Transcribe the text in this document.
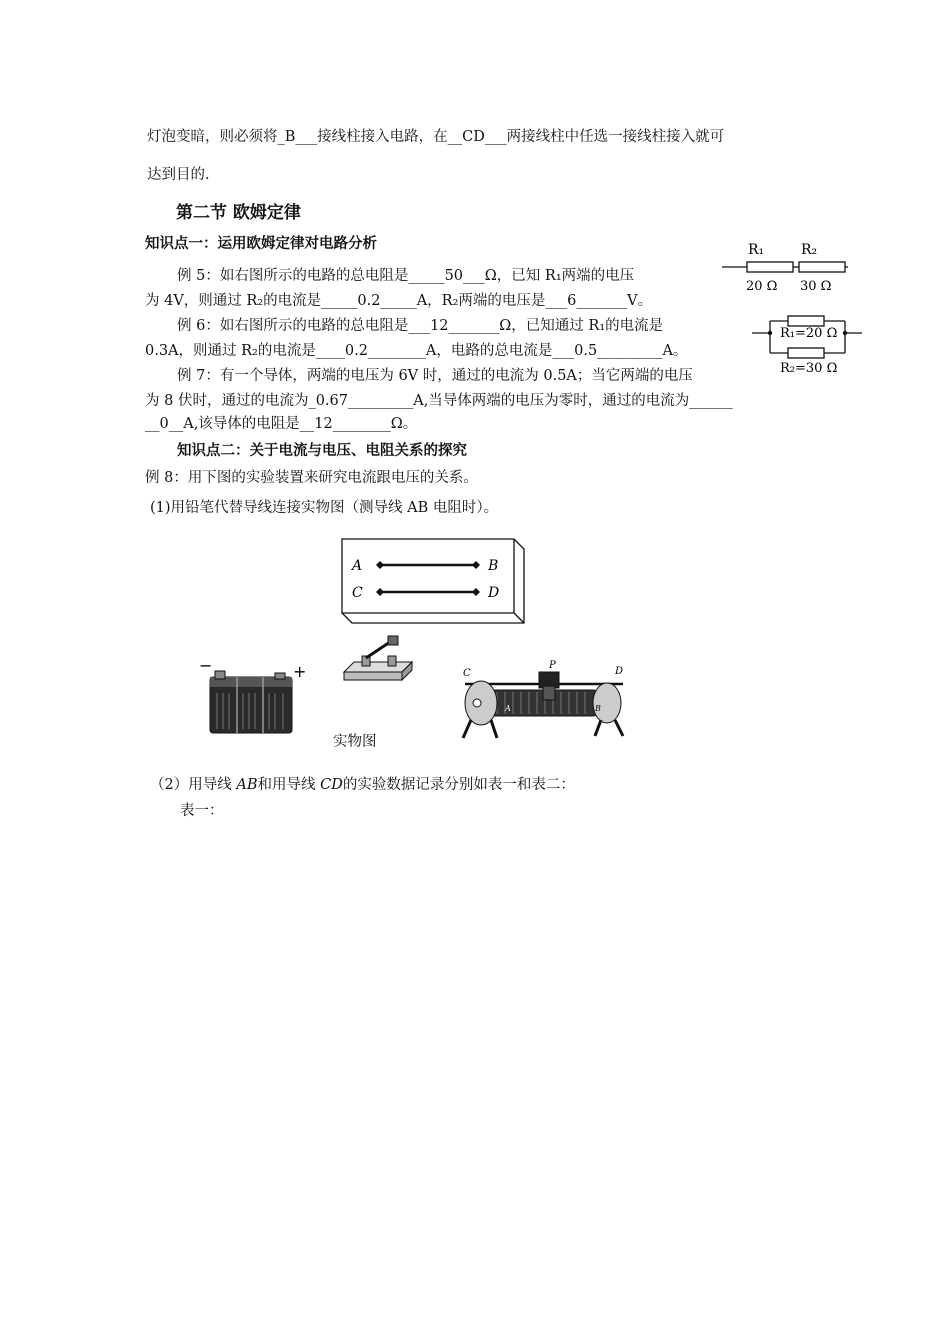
灯泡变暗，则必须将_B___接线柱接入电路，在__CD___两接线柱中任选一接线柱接入就可
达到目的.
第二节 欧姆定律
知识点一：运用欧姆定律对电路分析
例 5：如右图所示的电路的总电阻是_____50___Ω，已知 R₁两端的电压
为 4V，则通过 R₂的电流是_____0.2_____A，R₂两端的电压是___6_______V。
例 6：如右图所示的电路的总电阻是___12_______Ω，已知通过 R₁的电流是
0.3A，则通过 R₂的电流是____0.2________A，电路的总电流是___0.5_________A。
例 7：有一个导体，两端的电压为 6V 时，通过的电流为 0.5A；当它两端的电压
为 8 伏时，通过的电流为_0.67_________A,当导体两端的电压为零时，通过的电流为______
__0__A,该导体的电阻是__12________Ω。
R₁	R₂
20 Ω 30 Ω
R₁=20 Ω
R₂=30 Ω
知识点二：关于电流与电压、电阻关系的探究
例 8：用下图的实验装置来研究电流跟电压的关系。
(1)用铅笔代替导线连接实物图（测导线 AB 电阻时）。
A	B
C	D
−	+
实物图
C
P
D
A	B
（2）用导线 AB和用导线 CD的实验数据记录分别如表一和表二：
表一：
